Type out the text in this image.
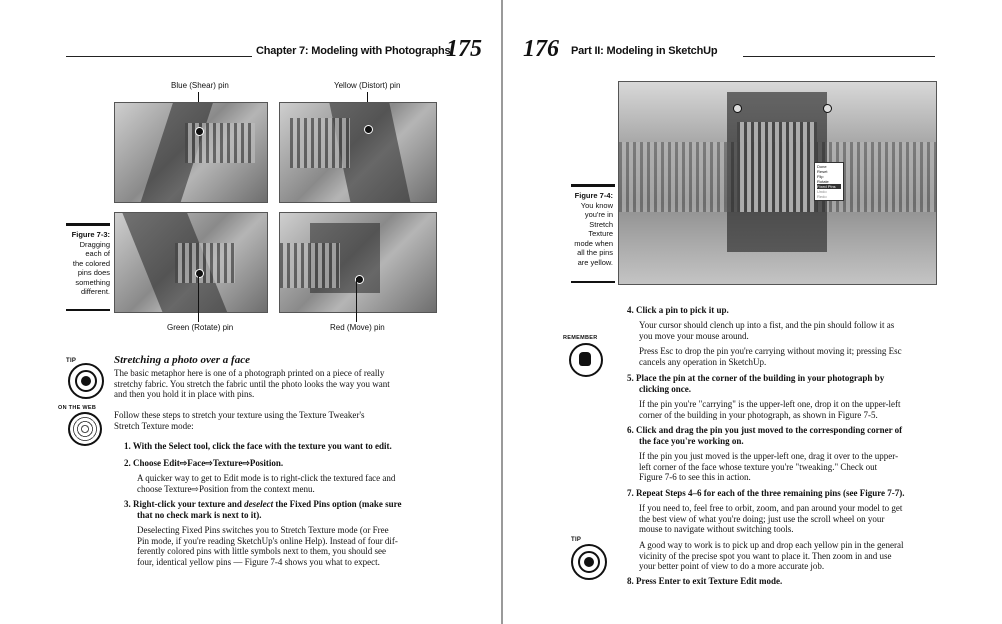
Chapter 7: Modeling with Photographs
175
Blue (Shear) pin	Yellow (Distort) pin
Green (Rotate) pin	Red (Move) pin
Figure 7-3:
Dragging
each of
the colored
pins does
something
different.
Stretching a photo over a face
TIP
The basic metaphor here is one of a photograph printed on a piece of really
stretchy fabric. You stretch the fabric until the photo looks the way you want
and then you hold it in place with pins.
ON THE WEB
Follow these steps to stretch your texture using the Texture Tweaker's
Stretch Texture mode:
1. With the Select tool, click the face with the texture you want to edit.
2. Choose Edit⇨Face⇨Texture⇨Position.
A quicker way to get to Edit mode is to right-click the textured face and
choose Texture⇨Position from the context menu.
3. Right-click your texture and deselect the Fixed Pins option (make sure
that no check mark is next to it).
Deselecting Fixed Pins switches you to Stretch Texture mode (or Free
Pin mode, if you're reading SketchUp's online Help). Instead of four dif-
ferently colored pins with little symbols next to them, you should see
four, identical yellow pins — Figure 7-4 shows you what to expect.
176 Part II: Modeling in SketchUp
Done
Reset
Flip
Rotate
Fixed Pins
Undo
Redo
Figure 7-4:
You know
you're in
Stretch
Texture
mode when
all the pins
are yellow.
4. Click a pin to pick it up.
Your cursor should clench up into a fist, and the pin should follow it as
you move your mouse around.
REMEMBER
Press Esc to drop the pin you're carrying without moving it; pressing Esc
cancels any operation in SketchUp.
5. Place the pin at the corner of the building in your photograph by
clicking once.
If the pin you're "carrying" is the upper-left one, drop it on the upper-left
corner of the building in your photograph, as shown in Figure 7-5.
6. Click and drag the pin you just moved to the corresponding corner of
the face you're working on.
If the pin you just moved is the upper-left one, drag it over to the upper-
left corner of the face whose texture you're "tweaking." Check out
Figure 7-6 to see this in action.
7. Repeat Steps 4–6 for each of the three remaining pins (see Figure 7-7).
If you need to, feel free to orbit, zoom, and pan around your model to get
the best view of what you're doing; just use the scroll wheel on your
mouse to navigate without switching tools.
TIP	A good way to work is to pick up and drop each yellow pin in the general
vicinity of the precise spot you want to place it. Then zoom in and use
your better point of view to do a more accurate job.
8. Press Enter to exit Texture Edit mode.
